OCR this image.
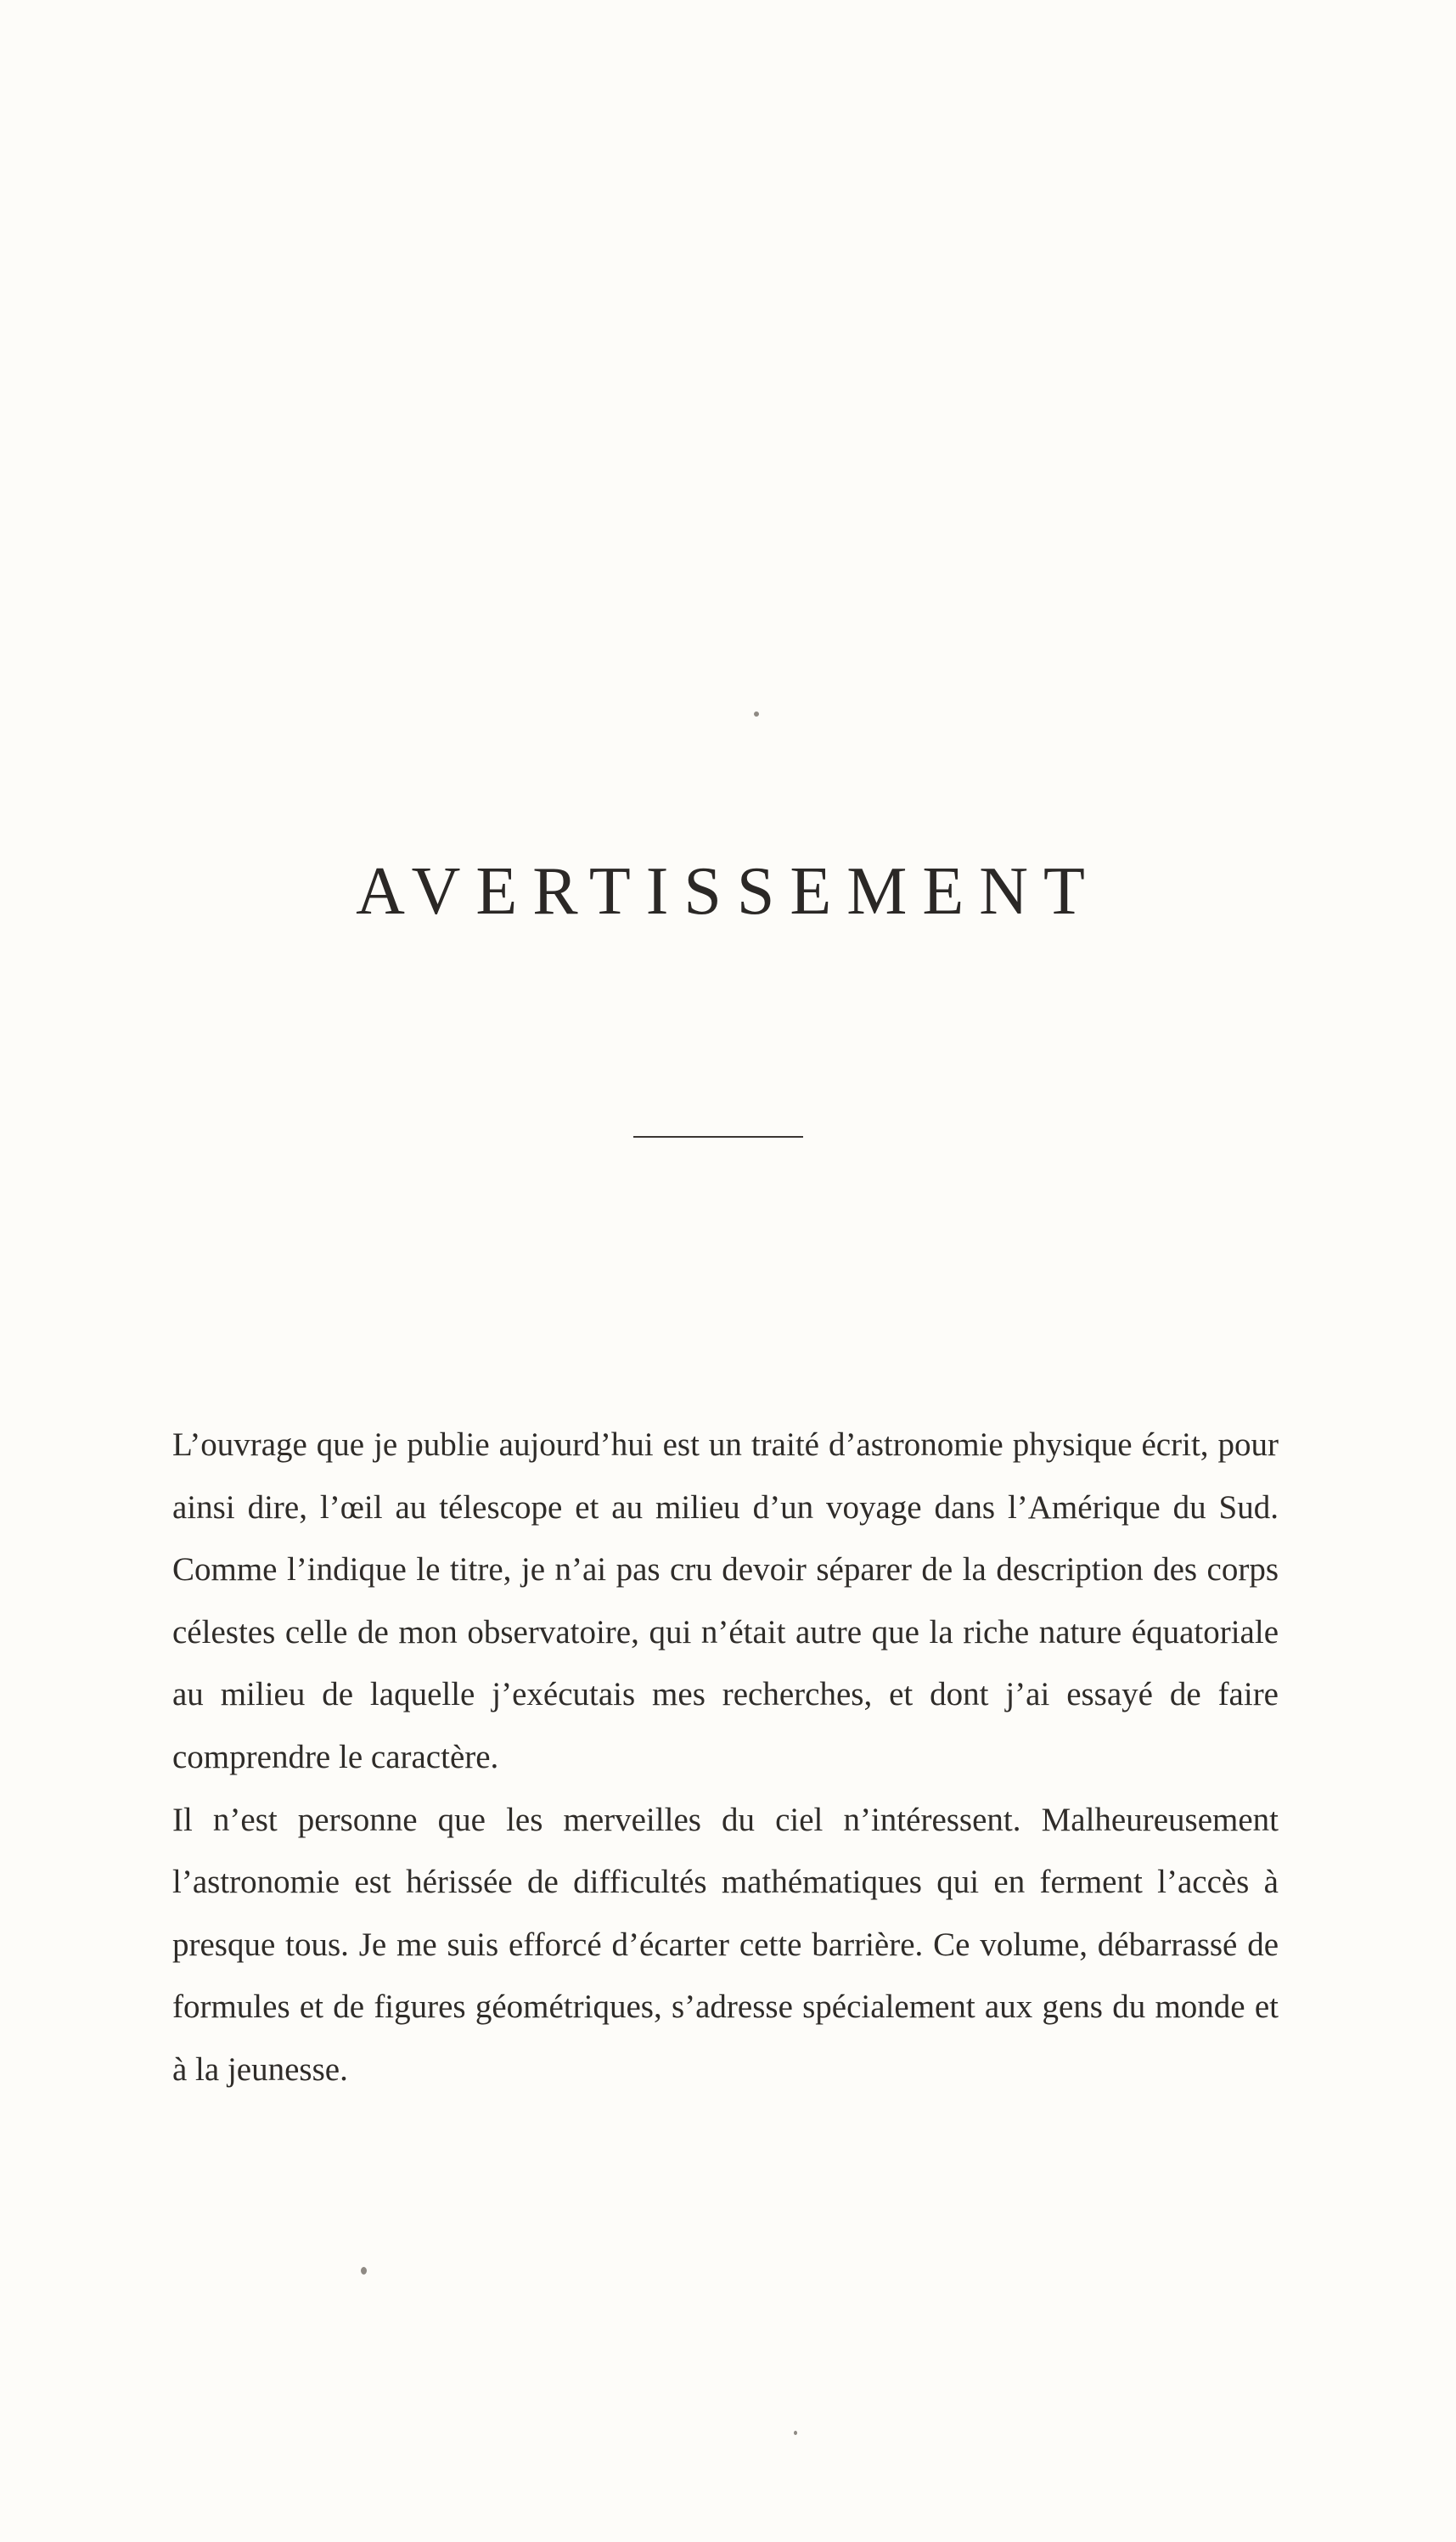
AVERTISSEMENT

L’ouvrage que je publie aujourd’hui est un traité d’astronomie physique écrit, pour ainsi dire, l’œil au télescope et au milieu d’un voyage dans l’Amérique du Sud. Comme l’indique le titre, je n’ai pas cru devoir séparer de la description des corps célestes celle de mon observatoire, qui n’était autre que la riche nature équatoriale au milieu de laquelle j’exécutais mes recherches, et dont j’ai essayé de faire comprendre le caractère.

Il n’est personne que les merveilles du ciel n’intéressent. Malheureusement l’astronomie est hérissée de difficultés mathématiques qui en ferment l’accès à presque tous. Je me suis efforcé d’écarter cette barrière. Ce volume, débarrassé de formules et de figures géométriques, s’adresse spécialement aux gens du monde et à la jeunesse.
